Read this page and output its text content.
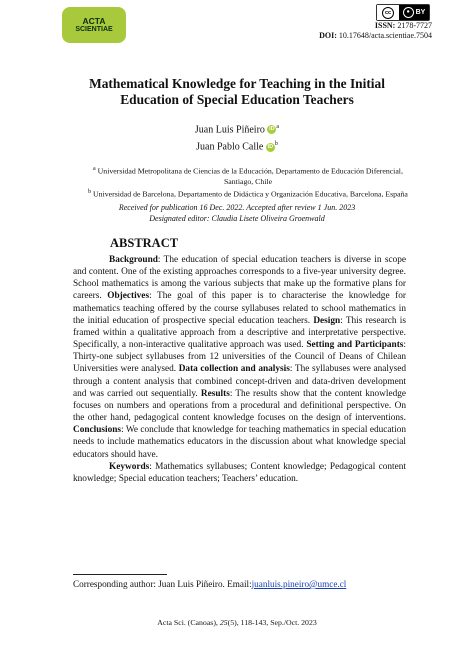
ACTA
SCIENTIAE
cc	● BY
ISSN: 2178-7727
DOI: 10.17648/acta.scientiae.7504
Mathematical Knowledge for Teaching in the Initial Education of Special Education Teachers
Juan Luis Piñeiro iD $^a$
Juan Pablo Calle iD $^b$
$^a$ Universidad Metropolitana de Ciencias de la Educación, Departamento de Educación Diferencial, Santiago, Chile
$^b$ Universidad de Barcelona, Departamento de Didáctica y Organización Educativa, Barcelona, España
Received for publication 16 Dec. 2022. Accepted after review 1 Jun. 2023
Designated editor: Claudia Lisete Oliveira Groenwald
ABSTRACT

Background: The education of special education teachers is diverse in scope and content. One of the existing approaches corresponds to a five-year university degree. School mathematics is among the various subjects that make up the formative plans for careers. Objectives: The goal of this paper is to characterise the knowledge for mathematics teaching offered by the course syllabuses related to school mathematics in the initial education of prospective special education teachers. Design: This research is framed within a qualitative approach from a descriptive and interpretative perspective. Specifically, a non-interactive qualitative approach was used. Setting and Participants: Thirty-one subject syllabuses from 12 universities of the Council of Deans of Chilean Universities were analysed. Data collection and analysis: The syllabuses were analysed through a content analysis that combined concept-driven and data-driven development and was carried out sequentially. Results: The results show that the content knowledge focuses on numbers and operations from a procedural and definitional perspective. On the other hand, pedagogical content knowledge focuses on the design of interventions. Conclusions: We conclude that knowledge for teaching mathematics in special education needs to include mathematics educators in the discussion about what knowledge special educators should have.

Keywords: Mathematics syllabuses; Content knowledge; Pedagogical content knowledge; Special education teachers; Teachers’ education.

Corresponding author: Juan Luis Piñeiro. Email:juanluis.pineiro@umce.cl
Acta Sci. (Canoas), 25(5), 118-143, Sep./Oct. 2023
